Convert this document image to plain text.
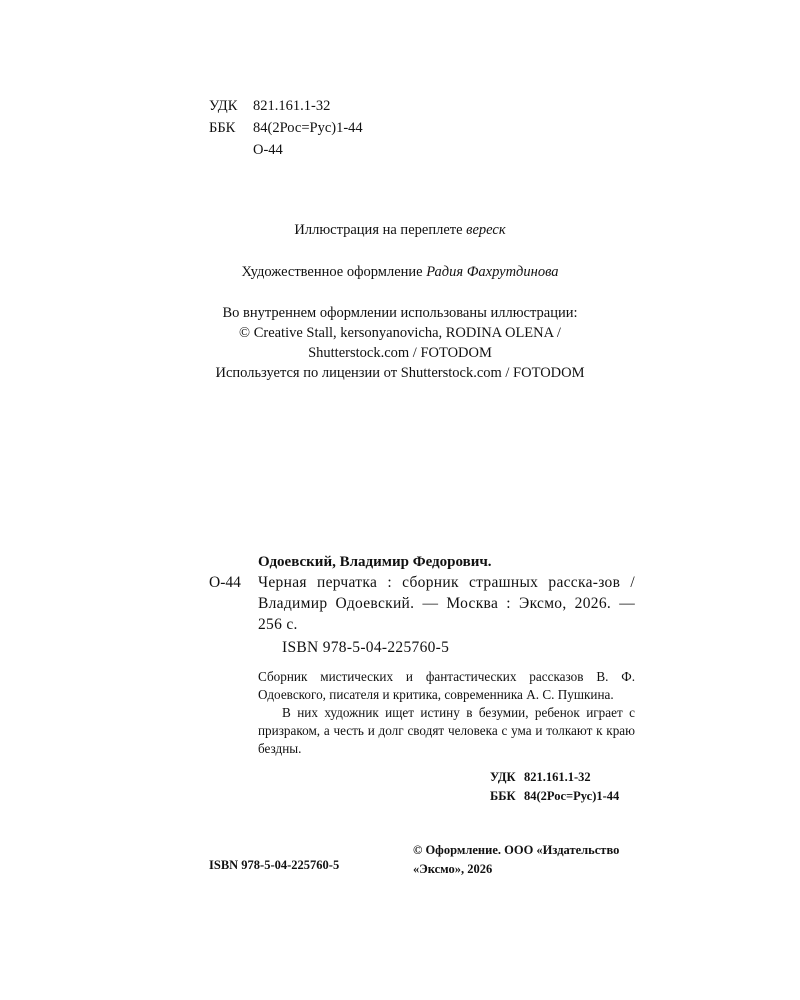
УДК	821.161.1-32
ББК	84(2Рос=Рус)1-44
О-44
Иллюстрация на переплете вереск
Художественное оформление Радия Фахрутдинова
Во внутреннем оформлении использованы иллюстрации:
© Creative Stall, kersonyanovicha, RODINA OLENA /
Shutterstock.com / FOTODOM
Используется по лицензии от Shutterstock.com / FOTODOM
Одоевский, Владимир Федорович.
О-44 Черная перчатка : сборник страшных расска-зов / Владимир Одоевский. — Москва : Эксмо, 2026. — 256 с.
ISBN 978-5-04-225760-5

Сборник мистических и фантастических рассказов В. Ф. Одоевского, писателя и критика, современника А. С. Пушкина.

В них художник ищет истину в безумии, ребенок играет с призраком, а честь и долг сводят человека с ума и толкают к краю бездны.

УДК 821.161.1-32
ББК 84(2Рос=Рус)1-44
ISBN 978-5-04-225760-5
© Оформление. ООО «Издательство «Эксмо», 2026
